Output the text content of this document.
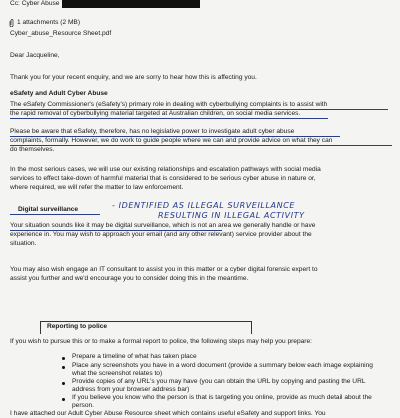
Cc: Cyber Abuse
1 attachments (2 MB)
Cyber_abuse_Resource Sheet.pdf
Dear Jacqueline,
Thank you for your recent enquiry, and we are sorry to hear how this is affecting you.
eSafety and Adult Cyber Abuse
The eSafety Commissioner's (eSafety's) primary role in dealing with cyberbullying complaints is to assist with
the rapid removal of cyberbullying material targeted at Australian children, on social media services.
Please be aware that eSafety, therefore, has no legislative power to investigate adult cyber abuse
complaints, formally. However, we do work to guide people where we can and provide advice on what they can
do themselves.
In the most serious cases, we will use our existing relationships and escalation pathways with social media
services to effect take-down of harmful material that is considered to be serious cyber abuse in nature or,
where required, we will refer the matter to law enforcement.
Digital surveillance	- IDENTIFIED AS ILLEGAL SURVEILLANCE
RESULTING IN ILLEGAL ACTIVITY
Your situation sounds like it may be digital surveillance, which is not an area we generally handle or have
experience in. You may wish to approach your email (and any other relevant) service provider about the
situation.
You may also wish engage an IT consultant to assist you in this matter or a cyber digital forensic expert to
assist you further and we'd encourage you to consider doing this in the meantime.
Reporting to police
If you wish to pursue this or to make a formal report to police, the following steps may help you prepare:
Prepare a timeline of what has taken place
Place any screenshots you have in a word document (provide a summary below each image explaining
what the screenshot relates to)
Provide copies of any URL's you may have (you can obtain the URL by copying and pasting the URL
address from your browser address bar)
If you believe you know who the person is that is targeting you online, provide as much detail about the
person.
I have attached our Adult Cyber Abuse Resource sheet which contains useful eSafety and support links. You
